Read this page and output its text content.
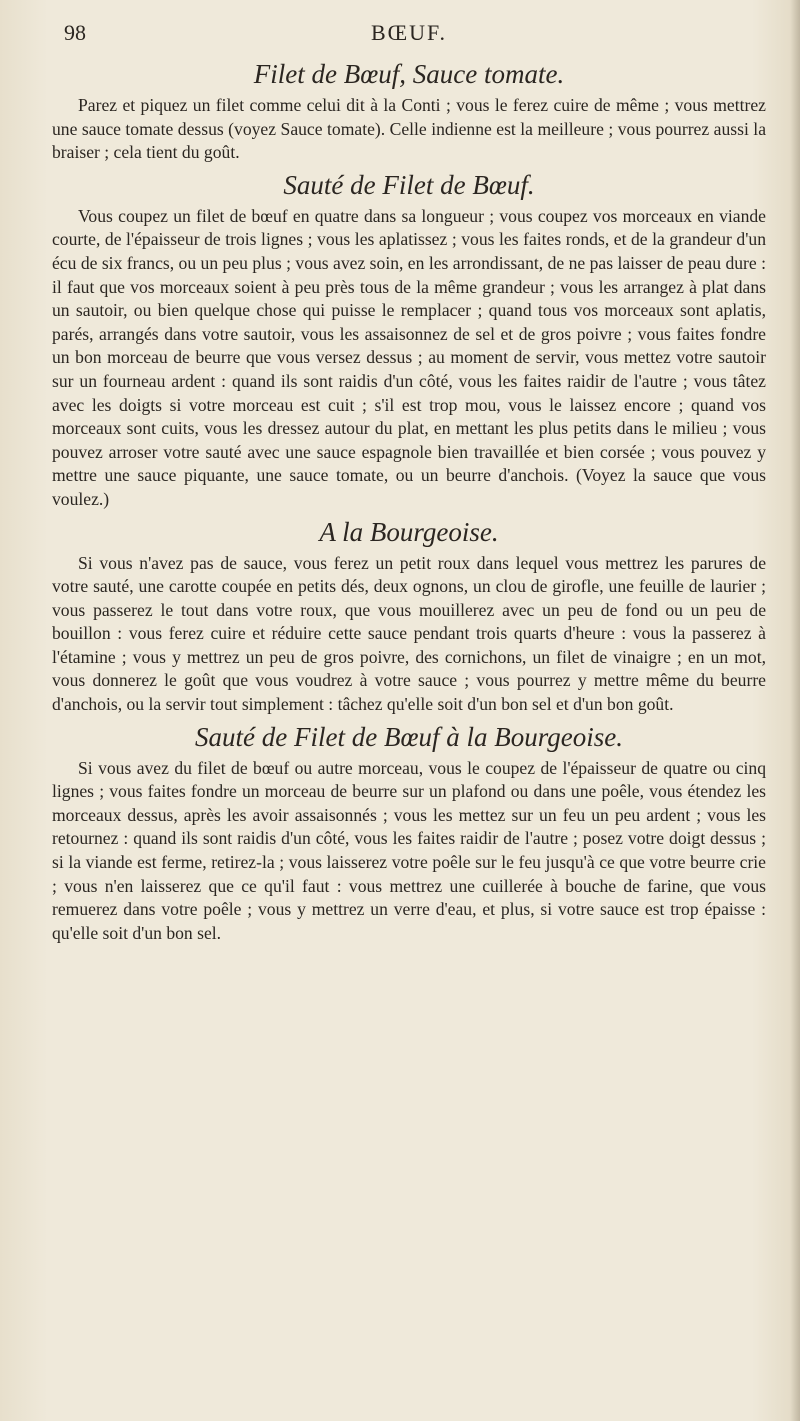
98	BŒUF.
Filet de Bœuf, Sauce tomate.

Parez et piquez un filet comme celui dit à la Conti ; vous le ferez cuire de même ; vous mettrez une sauce tomate dessus (voyez Sauce tomate). Celle indienne est la meilleure ; vous pourrez aussi la braiser ; cela tient du goût.

Sauté de Filet de Bœuf.

Vous coupez un filet de bœuf en quatre dans sa longueur ; vous coupez vos morceaux en viande courte, de l'épaisseur de trois lignes ; vous les aplatissez ; vous les faites ronds, et de la grandeur d'un écu de six francs, ou un peu plus ; vous avez soin, en les arrondissant, de ne pas laisser de peau dure : il faut que vos morceaux soient à peu près tous de la même grandeur ; vous les arrangez à plat dans un sautoir, ou bien quelque chose qui puisse le remplacer ; quand tous vos morceaux sont aplatis, parés, arrangés dans votre sautoir, vous les assaisonnez de sel et de gros poivre ; vous faites fondre un bon morceau de beurre que vous versez dessus ; au moment de servir, vous mettez votre sautoir sur un fourneau ardent : quand ils sont raidis d'un côté, vous les faites raidir de l'autre ; vous tâtez avec les doigts si votre morceau est cuit ; s'il est trop mou, vous le laissez encore ; quand vos morceaux sont cuits, vous les dressez autour du plat, en mettant les plus petits dans le milieu ; vous pouvez arroser votre sauté avec une sauce espagnole bien travaillée et bien corsée ; vous pouvez y mettre une sauce piquante, une sauce tomate, ou un beurre d'anchois. (Voyez la sauce que vous voulez.)

A la Bourgeoise.

Si vous n'avez pas de sauce, vous ferez un petit roux dans lequel vous mettrez les parures de votre sauté, une carotte coupée en petits dés, deux ognons, un clou de girofle, une feuille de laurier ; vous passerez le tout dans votre roux, que vous mouillerez avec un peu de fond ou un peu de bouillon : vous ferez cuire et réduire cette sauce pendant trois quarts d'heure : vous la passerez à l'étamine ; vous y mettrez un peu de gros poivre, des cornichons, un filet de vinaigre ; en un mot, vous donnerez le goût que vous voudrez à votre sauce ; vous pourrez y mettre même du beurre d'anchois, ou la servir tout simplement : tâchez qu'elle soit d'un bon sel et d'un bon goût.

Sauté de Filet de Bœuf à la Bourgeoise.

Si vous avez du filet de bœuf ou autre morceau, vous le coupez de l'épaisseur de quatre ou cinq lignes ; vous faites fondre un morceau de beurre sur un plafond ou dans une poêle, vous étendez les morceaux dessus, après les avoir assaisonnés ; vous les mettez sur un feu un peu ardent ; vous les retournez : quand ils sont raidis d'un côté, vous les faites raidir de l'autre ; posez votre doigt dessus ; si la viande est ferme, retirez-la ; vous laisserez votre poêle sur le feu jusqu'à ce que votre beurre crie ; vous n'en laisserez que ce qu'il faut : vous mettrez une cuillerée à bouche de farine, que vous remuerez dans votre poêle ; vous y mettrez un verre d'eau, et plus, si votre sauce est trop épaisse : qu'elle soit d'un bon sel.
